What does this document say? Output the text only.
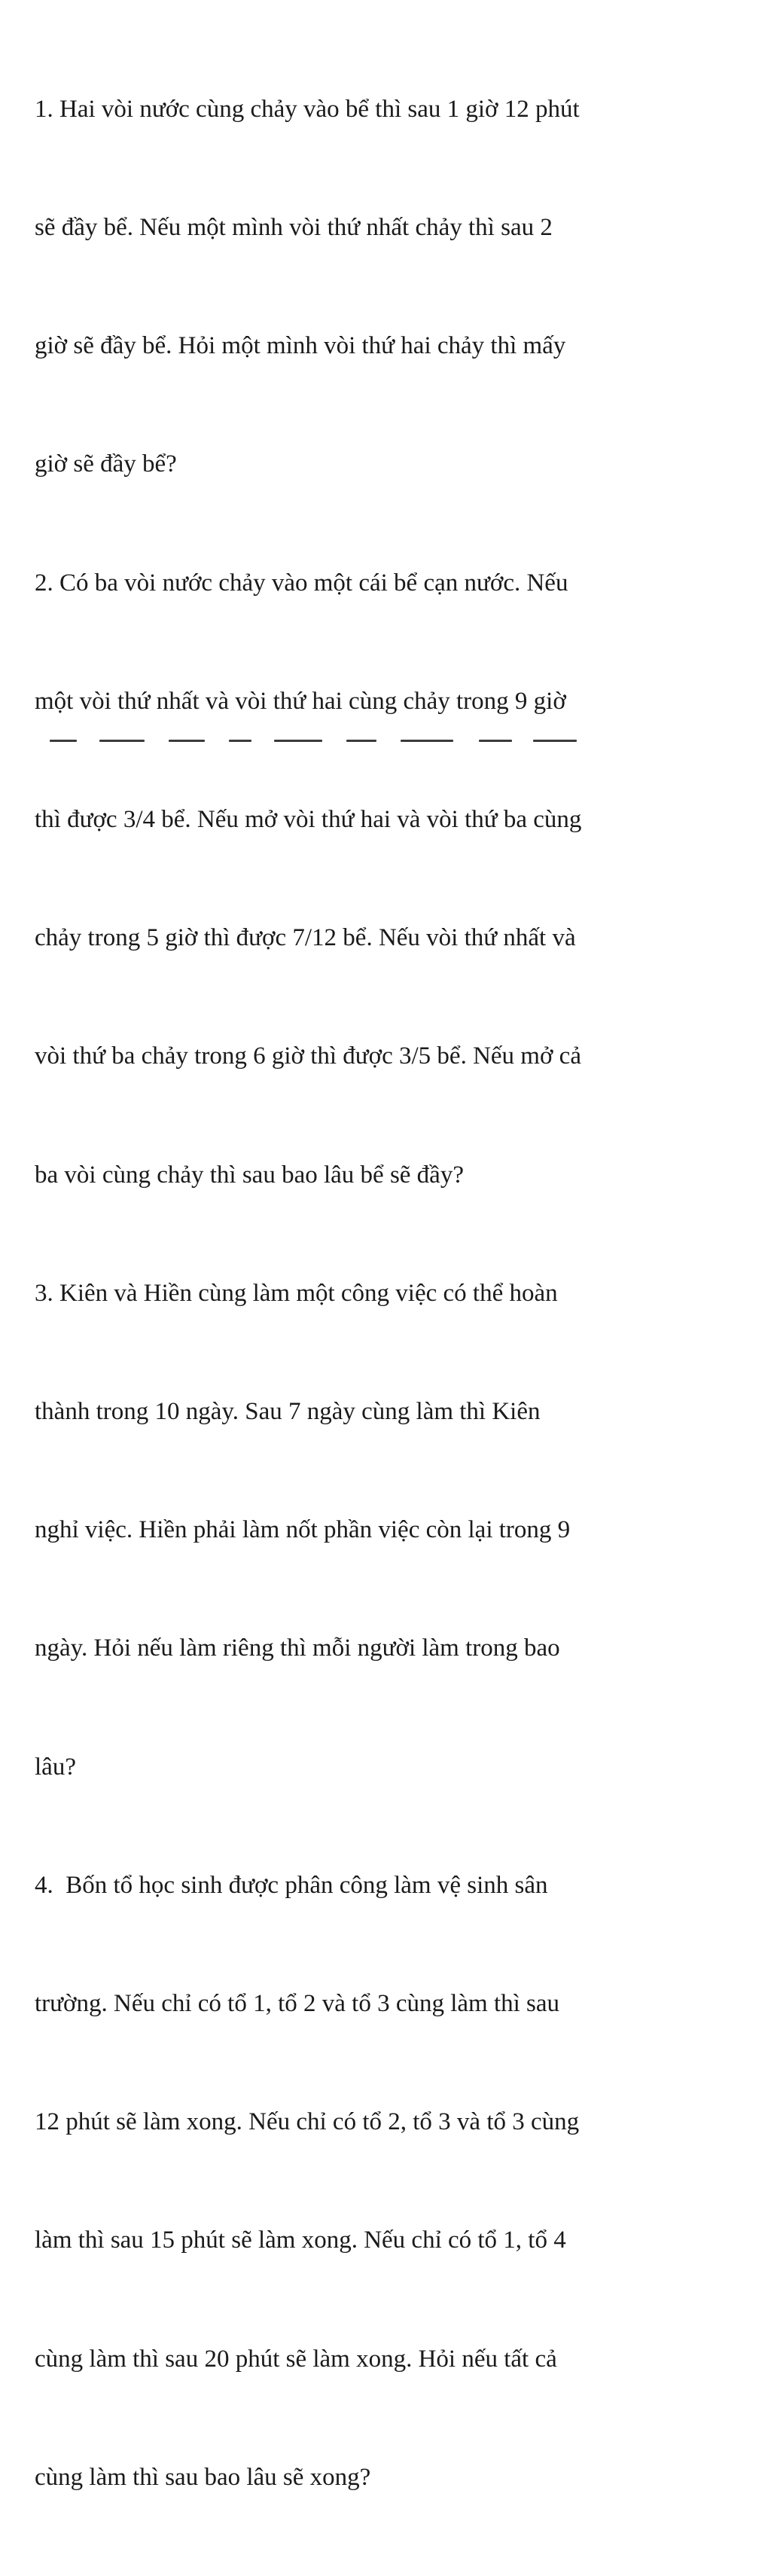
1. Hai vòi nước cùng chảy vào bể thì sau 1 giờ 12 phút

sẽ đầy bể. Nếu một mình vòi thứ nhất chảy thì sau 2

giờ sẽ đầy bể. Hỏi một mình vòi thứ hai chảy thì mấy

giờ sẽ đầy bể?

2. Có ba vòi nước chảy vào một cái bể cạn nước. Nếu

một vòi thứ nhất và vòi thứ hai cùng chảy trong 9 giờ

thì được 3/4 bể. Nếu mở vòi thứ hai và vòi thứ ba cùng

chảy trong 5 giờ thì được 7/12 bể. Nếu vòi thứ nhất và

vòi thứ ba chảy trong 6 giờ thì được 3/5 bể. Nếu mở cả

ba vòi cùng chảy thì sau bao lâu bể sẽ đầy?

3. Kiên và Hiền cùng làm một công việc có thể hoàn

thành trong 10 ngày. Sau 7 ngày cùng làm thì Kiên

nghỉ việc. Hiền phải làm nốt phần việc còn lại trong 9

ngày. Hỏi nếu làm riêng thì mỗi người làm trong bao

lâu?

4.  Bốn tổ học sinh được phân công làm vệ sinh sân

trường. Nếu chỉ có tổ 1, tổ 2 và tổ 3 cùng làm thì sau

12 phút sẽ làm xong. Nếu chỉ có tổ 2, tổ 3 và tổ 3 cùng

làm thì sau 15 phút sẽ làm xong. Nếu chỉ có tổ 1, tổ 4

cùng làm thì sau 20 phút sẽ làm xong. Hỏi nếu tất cả

cùng làm thì sau bao lâu sẽ xong?
